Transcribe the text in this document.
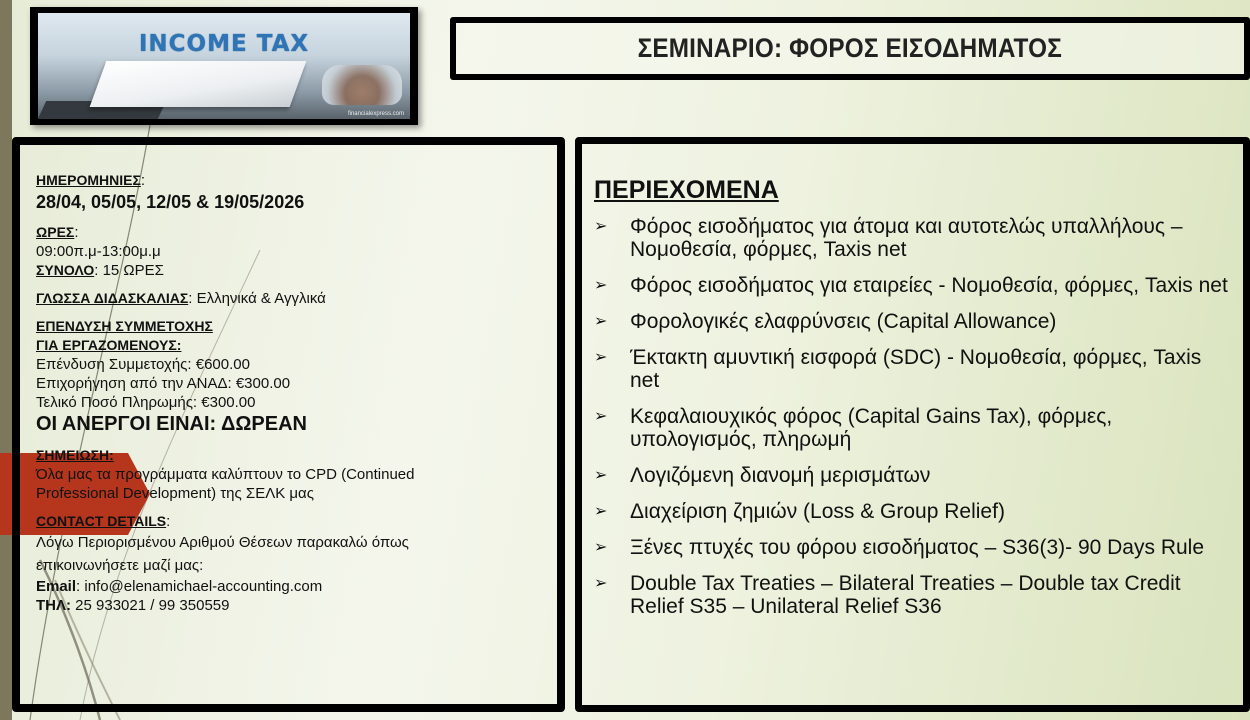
INCOME TAX
financialexpress.com
ΣΕΜΙΝΑΡΙΟ: ΦΟΡΟΣ ΕΙΣΟΔΗΜΑΤΟΣ
ΗΜΕΡΟΜΗΝΙΕΣ:
28/04, 05/05, 12/05 & 19/05/2026
ΩΡΕΣ:
09:00π.μ-13:00μ.μ
ΣΥΝΟΛΟ: 15 ΩΡΕΣ
ΓΛΩΣΣΑ ΔΙΔΑΣΚΑΛΙΑΣ: Ελληνικά & Αγγλικά
ΕΠΕΝΔΥΣΗ ΣΥΜΜΕΤΟΧΗΣ
ΓΙΑ ΕΡΓΑΖΟΜΕΝΟΥΣ:
Επένδυση Συμμετοχής: €600.00
Επιχορήγηση από την ΑΝΑΔ: €300.00
Τελικό Ποσό Πληρωμής: €300.00
ΟΙ ΑΝΕΡΓΟΙ ΕΙΝΑΙ: ΔΩΡΕΑΝ
ΣΗΜΕΙΩΣΗ:
Όλα μας τα προγράμματα καλύπτουν το CPD (Continued
Professional Development) της ΣΕΛΚ μας
CONTACT DETAILS:
Λόγω Περιορισμένου Αριθμού Θέσεων παρακαλώ όπως
επικοινωνήσετε μαζί μας:
Email: info@elenamichael-accounting.com
ΤΗΛ: 25 933021 / 99 350559
ΠΕΡΙΕΧΟΜΕΝΑ
➢	Φόρος εισοδήματος για άτομα και αυτοτελώς υπαλλήλους – Νομοθεσία, φόρμες, Taxis net
➢	Φόρος εισοδήματος για εταιρείες - Νομοθεσία, φόρμες, Taxis net
➢	Φορολογικές ελαφρύνσεις (Capital Allowance)
➢	Έκτακτη αμυντική εισφορά (SDC) - Νομοθεσία, φόρμες, Taxis net
➢	Κεφαλαιουχικός φόρος (Capital Gains Tax), φόρμες, υπολογισμός, πληρωμή
➢	Λογιζόμενη διανομή μερισμάτων
➢	Διαχείριση ζημιών (Loss & Group Relief)
➢	Ξένες πτυχές του φόρου εισοδήματος – S36(3)- 90 Days Rule
➢	Double Tax Treaties – Bilateral Treaties – Double tax Credit Relief S35 – Unilateral Relief S36
